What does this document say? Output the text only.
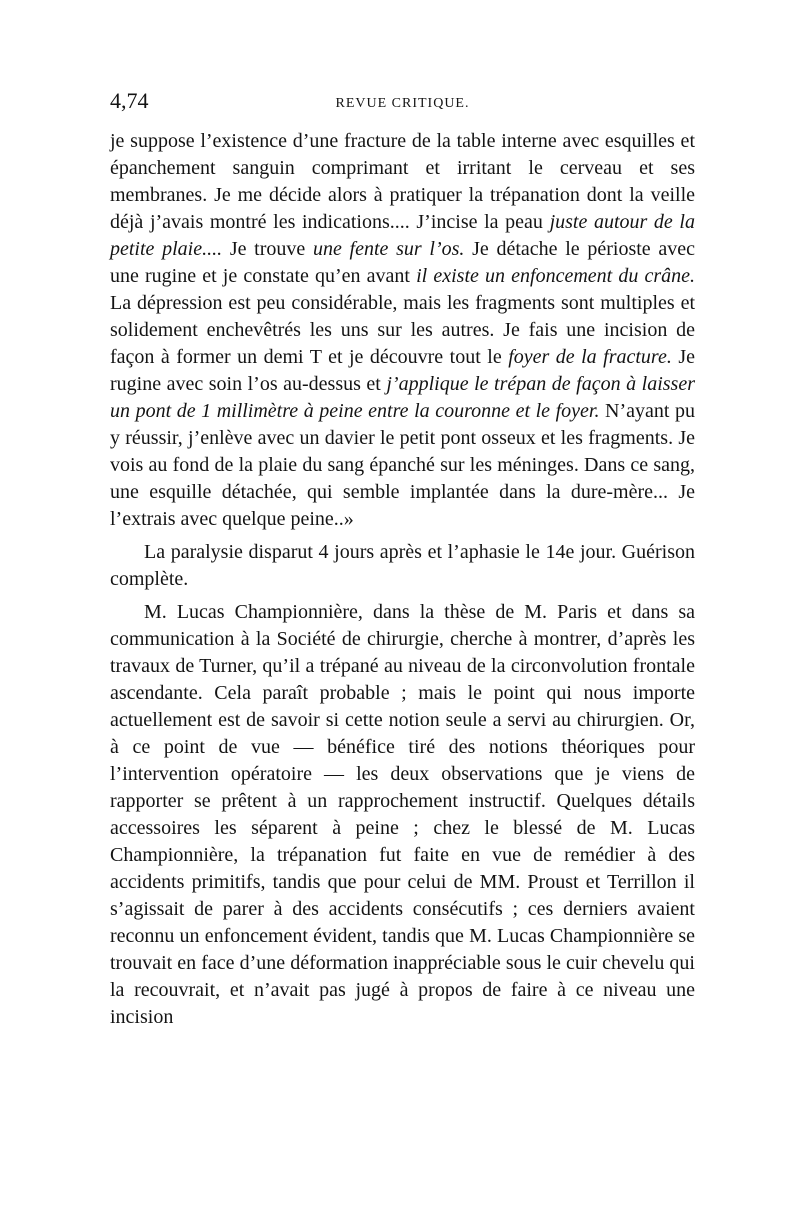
4,74	REVUE CRITIQUE.

je suppose l’existence d’une fracture de la table interne avec esquilles et épanchement sanguin comprimant et irritant le cerveau et ses membranes. Je me décide alors à pratiquer la trépanation dont la veille déjà j’avais montré les indications.... J’incise la peau juste autour de la petite plaie.... Je trouve une fente sur l’os. Je détache le périoste avec une rugine et je constate qu’en avant il existe un enfoncement du crâne. La dépression est peu considérable, mais les fragments sont multiples et solidement enchevêtrés les uns sur les autres. Je fais une incision de façon à former un demi T et je découvre tout le foyer de la fracture. Je rugine avec soin l’os au-dessus et j’applique le trépan de façon à laisser un pont de 1 millimètre à peine entre la couronne et le foyer. N’ayant pu y réussir, j’enlève avec un davier le petit pont osseux et les fragments. Je vois au fond de la plaie du sang épanché sur les méninges. Dans ce sang, une esquille détachée, qui semble implantée dans la dure-mère... Je l’extrais avec quelque peine..»

La paralysie disparut 4 jours après et l’aphasie le 14e jour. Guérison complète.

M. Lucas Championnière, dans la thèse de M. Paris et dans sa communication à la Société de chirurgie, cherche à montrer, d’après les travaux de Turner, qu’il a trépané au niveau de la circonvolution frontale ascendante. Cela paraît probable ; mais le point qui nous importe actuellement est de savoir si cette notion seule a servi au chirurgien. Or, à ce point de vue — bénéfice tiré des notions théoriques pour l’intervention opératoire — les deux observations que je viens de rapporter se prêtent à un rapprochement instructif. Quelques détails accessoires les séparent à peine ; chez le blessé de M. Lucas Championnière, la trépanation fut faite en vue de remédier à des accidents primitifs, tandis que pour celui de MM. Proust et Terrillon il s’agissait de parer à des accidents consécutifs ; ces derniers avaient reconnu un enfoncement évident, tandis que M. Lucas Championnière se trouvait en face d’une déformation inappréciable sous le cuir chevelu qui la recouvrait, et n’avait pas jugé à propos de faire à ce niveau une incision
